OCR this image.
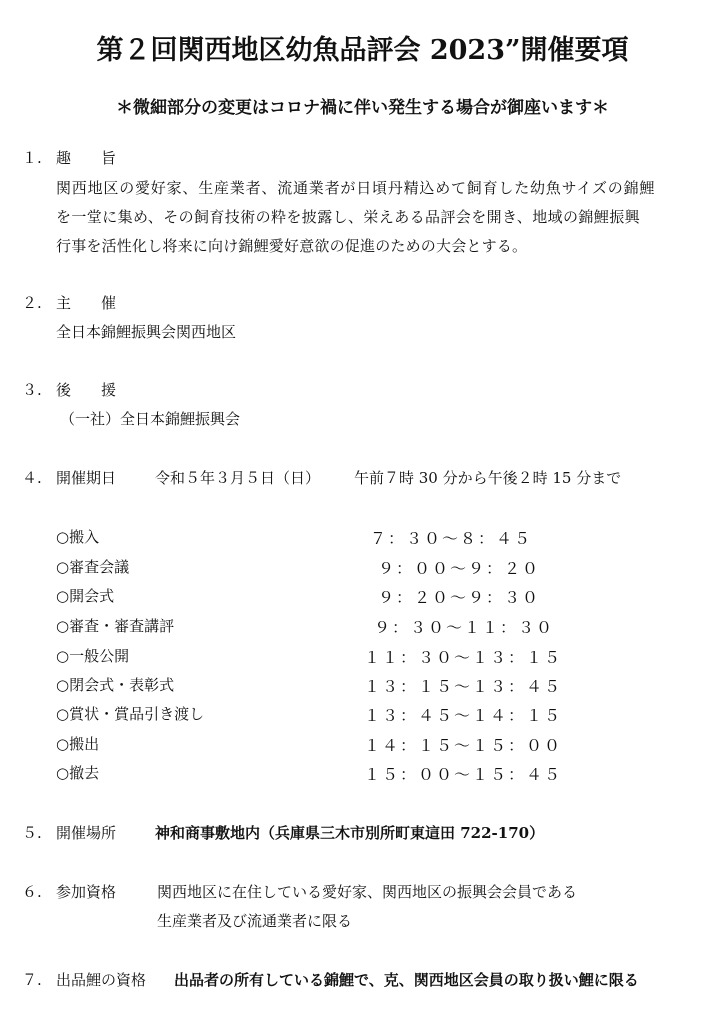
第２回関西地区幼魚品評会 2023”開催要項
＊微細部分の変更はコロナ禍に伴い発生する場合が御座います＊
１. 趣旨
関西地区の愛好家、生産業者、流通業者が日頃丹精込めて飼育した幼魚サイズの錦鯉
を一堂に集め、その飼育技術の粋を披露し、栄えある品評会を開き、地域の錦鯉振興
行事を活性化し将来に向け錦鯉愛好意欲の促進のための大会とする。
２. 主催
全日本錦鯉振興会関西地区
３. 後援
（一社）全日本錦鯉振興会
４. 開催期日	令和５年３月５日（日） 午前７時 30 分から午後２時 15 分まで
○搬入	７：３０～８：４５
○審査会議	９：００～９：２０
○開会式	９：２０～９：３０
○審査・審査講評	９：３０～１１：３０
○一般公開	１１：３０～１３：１５
○閉会式・表彰式	１３：１５～１３：４５
○賞状・賞品引き渡し	１３：４５～１４：１５
○搬出	１４：１５～１５：００
○撤去	１５：００～１５：４５
５. 開催場所	神和商事敷地内（兵庫県三木市別所町東這田 722-170）
６. 参加資格	関西地区に在住している愛好家、関西地区の振興会会員である
生産業者及び流通業者に限る
７. 出品鯉の資格 出品者の所有している錦鯉で、克、関西地区会員の取り扱い鯉に限る
